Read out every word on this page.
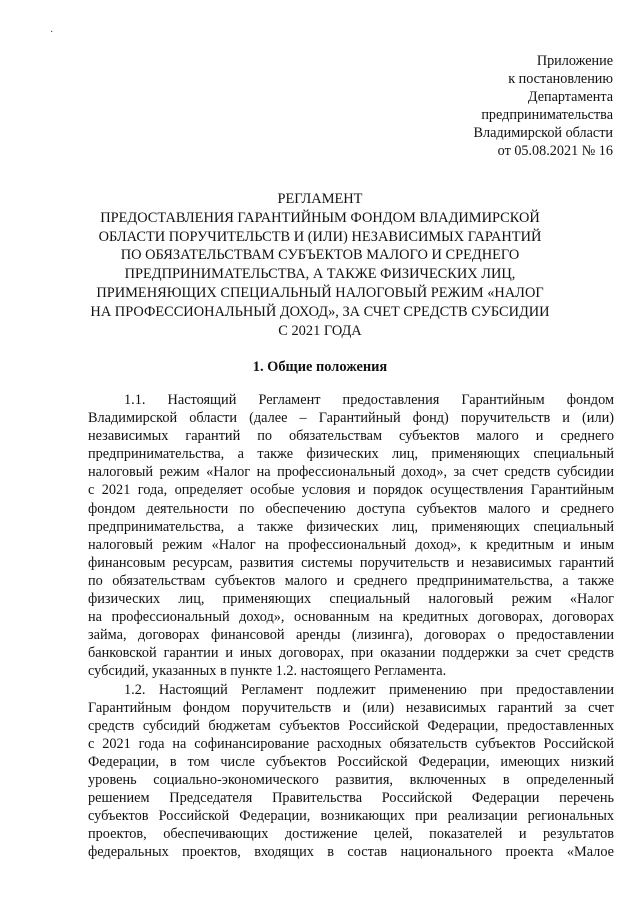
·
Приложение
к постановлению
Департамента
предпринимательства
Владимирской области
от 05.08.2021 № 16
РЕГЛАМЕНТ
ПРЕДОСТАВЛЕНИЯ ГАРАНТИЙНЫМ ФОНДОМ ВЛАДИМИРСКОЙ
ОБЛАСТИ ПОРУЧИТЕЛЬСТВ И (ИЛИ) НЕЗАВИСИМЫХ ГАРАНТИЙ
ПО ОБЯЗАТЕЛЬСТВАМ СУБЪЕКТОВ МАЛОГО И СРЕДНЕГО
ПРЕДПРИНИМАТЕЛЬСТВА, А ТАКЖЕ ФИЗИЧЕСКИХ ЛИЦ,
ПРИМЕНЯЮЩИХ СПЕЦИАЛЬНЫЙ НАЛОГОВЫЙ РЕЖИМ «НАЛОГ
НА ПРОФЕССИОНАЛЬНЫЙ ДОХОД», ЗА СЧЕТ СРЕДСТВ СУБСИДИИ
С 2021 ГОДА
1. Общие положения
1.1. Настоящий Регламент предоставления Гарантийным фондом
Владимирской области (далее – Гарантийный фонд) поручительств и (или)
независимых гарантий по обязательствам субъектов малого и среднего
предпринимательства, а также физических лиц, применяющих специальный
налоговый режим «Налог на профессиональный доход», за счет средств субсидии
с 2021 года, определяет особые условия и порядок осуществления Гарантийным
фондом деятельности по обеспечению доступа субъектов малого и среднего
предпринимательства, а также физических лиц, применяющих специальный
налоговый режим «Налог на профессиональный доход», к кредитным и иным
финансовым ресурсам, развития системы поручительств и независимых гарантий
по обязательствам субъектов малого и среднего предпринимательства, а также
физических лиц, применяющих специальный налоговый режим «Налог
на профессиональный доход», основанным на кредитных договорах, договорах
займа, договорах финансовой аренды (лизинга), договорах о предоставлении
банковской гарантии и иных договорах, при оказании поддержки за счет средств
субсидий, указанных в пункте 1.2. настоящего Регламента.
1.2. Настоящий Регламент подлежит применению при предоставлении
Гарантийным фондом поручительств и (или) независимых гарантий за счет
средств субсидий бюджетам субъектов Российской Федерации, предоставленных
с 2021 года на софинансирование расходных обязательств субъектов Российской
Федерации, в том числе субъектов Российской Федерации, имеющих низкий
уровень социально-экономического развития, включенных в определенный
решением Председателя Правительства Российской Федерации перечень
субъектов Российской Федерации, возникающих при реализации региональных
проектов, обеспечивающих достижение целей, показателей и результатов
федеральных проектов, входящих в состав национального проекта «Малое
